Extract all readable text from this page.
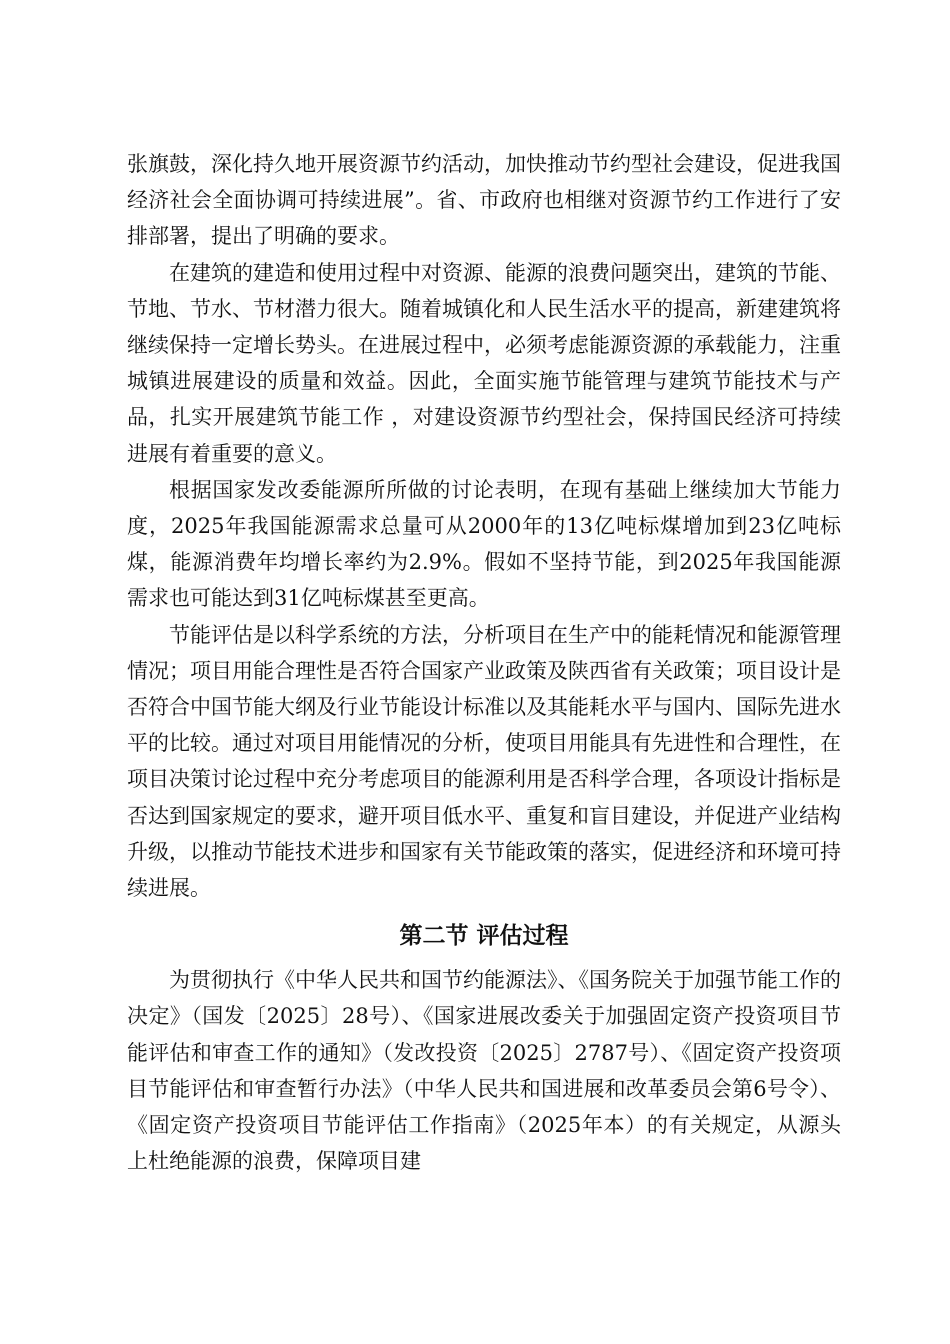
张旗鼓，深化持久地开展资源节约活动，加快推动节约型社会建设，促进我国经济社会全面协调可持续进展”。省、市政府也相继对资源节约工作进行了安排部署，提出了明确的要求。

在建筑的建造和使用过程中对资源、能源的浪费问题突出，建筑的节能、节地、节水、节材潜力很大。随着城镇化和人民生活水平的提高，新建建筑将继续保持一定增长势头。在进展过程中，必须考虑能源资源的承载能力，注重城镇进展建设的质量和效益。因此，全面实施节能管理与建筑节能技术与产品，扎实开展建筑节能工作 ，对建设资源节约型社会，保持国民经济可持续进展有着重要的意义。

根据国家发改委能源所所做的讨论表明，在现有基础上继续加大节能力度，2025年我国能源需求总量可从2000年的13亿吨标煤增加到23亿吨标煤，能源消费年均增长率约为2.9%。假如不坚持节能，到2025年我国能源需求也可能达到31亿吨标煤甚至更高。

节能评估是以科学系统的方法，分析项目在生产中的能耗情况和能源管理情况；项目用能合理性是否符合国家产业政策及陕西省有关政策；项目设计是否符合中国节能大纲及行业节能设计标准以及其能耗水平与国内、国际先进水平的比较。通过对项目用能情况的分析，使项目用能具有先进性和合理性，在项目决策讨论过程中充分考虑项目的能源利用是否科学合理，各项设计指标是否达到国家规定的要求，避开项目低水平、重复和盲目建设，并促进产业结构升级，以推动节能技术进步和国家有关节能政策的落实，促进经济和环境可持续进展。

第二节 评估过程

为贯彻执行《中华人民共和国节约能源法》、《国务院关于加强节能工作的决定》（国发〔2025〕28号）、《国家进展改委关于加强固定资产投资项目节能评估和审查工作的通知》（发改投资〔2025〕2787号）、《固定资产投资项目节能评估和审查暂行办法》（中华人民共和国进展和改革委员会第6号令）、《固定资产投资项目节能评估工作指南》（2025年本）的有关规定，从源头上杜绝能源的浪费，保障项目建
